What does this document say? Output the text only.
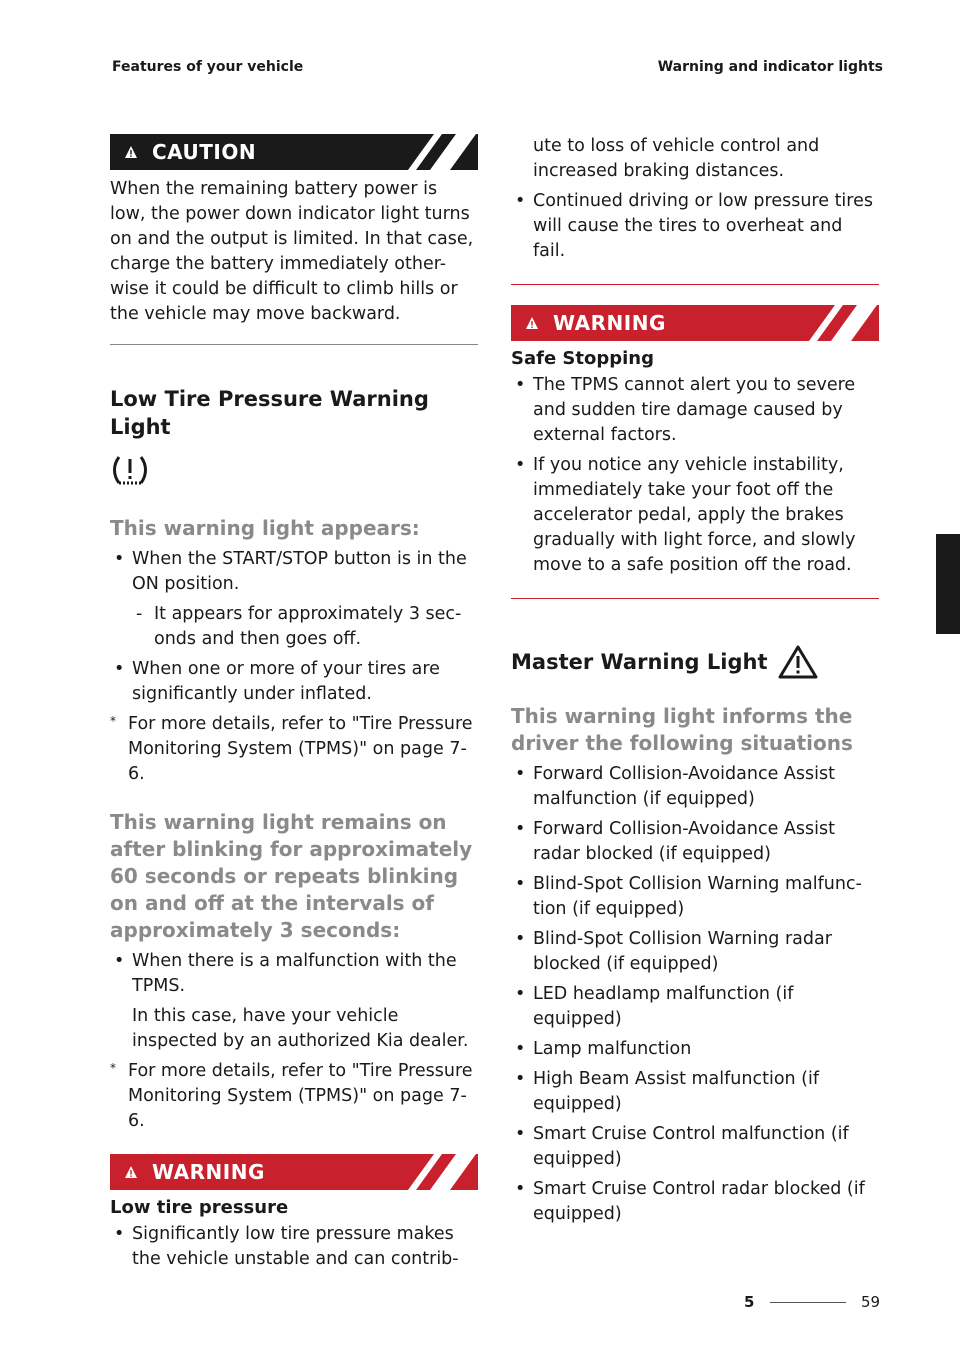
Features of your vehicle	Warning and indicator lights
CAUTION

When the remaining battery power is low, the power down indicator light turns on and the output is limited. In that case, charge the battery immediately other-wise it could be difficult to climb hills or the vehicle may move backward.

Low Tire Pressure Warning Light
This warning light appears:
• When the START/STOP button is in the ON position.
- It appears for approximately 3 sec-onds and then goes off.
• When one or more of your tires are significantly under inflated.
* For more details, refer to "Tire Pressure Monitoring System (TPMS)" on page 7-6.
This warning light remains on after blinking for approximately 60 seconds or repeats blinking on and off at the intervals of approximately 3 seconds:
• When there is a malfunction with the TPMS.

In this case, have your vehicle inspected by an authorized Kia dealer.

* For more details, refer to "Tire Pressure Monitoring System (TPMS)" on page 7-6.
WARNING
Low tire pressure
• Significantly low tire pressure makes the vehicle unstable and can contrib-

• ute to loss of vehicle control and increased braking distances.
• Continued driving or low pressure tires will cause the tires to overheat and fail.
WARNING
Safe Stopping
• The TPMS cannot alert you to severe and sudden tire damage caused by external factors.
• If you notice any vehicle instability, immediately take your foot off the accelerator pedal, apply the brakes gradually with light force, and slowly move to a safe position off the road.
Master Warning Light
This warning light informs the driver the following situations
• Forward Collision-Avoidance Assist malfunction (if equipped)
• Forward Collision-Avoidance Assist radar blocked (if equipped)
• Blind-Spot Collision Warning malfunc-tion (if equipped)
• Blind-Spot Collision Warning radar blocked (if equipped)
• LED headlamp malfunction (if equipped)
• Lamp malfunction
• High Beam Assist malfunction (if equipped)
• Smart Cruise Control malfunction (if equipped)
• Smart Cruise Control radar blocked (if equipped)
5
5	59
